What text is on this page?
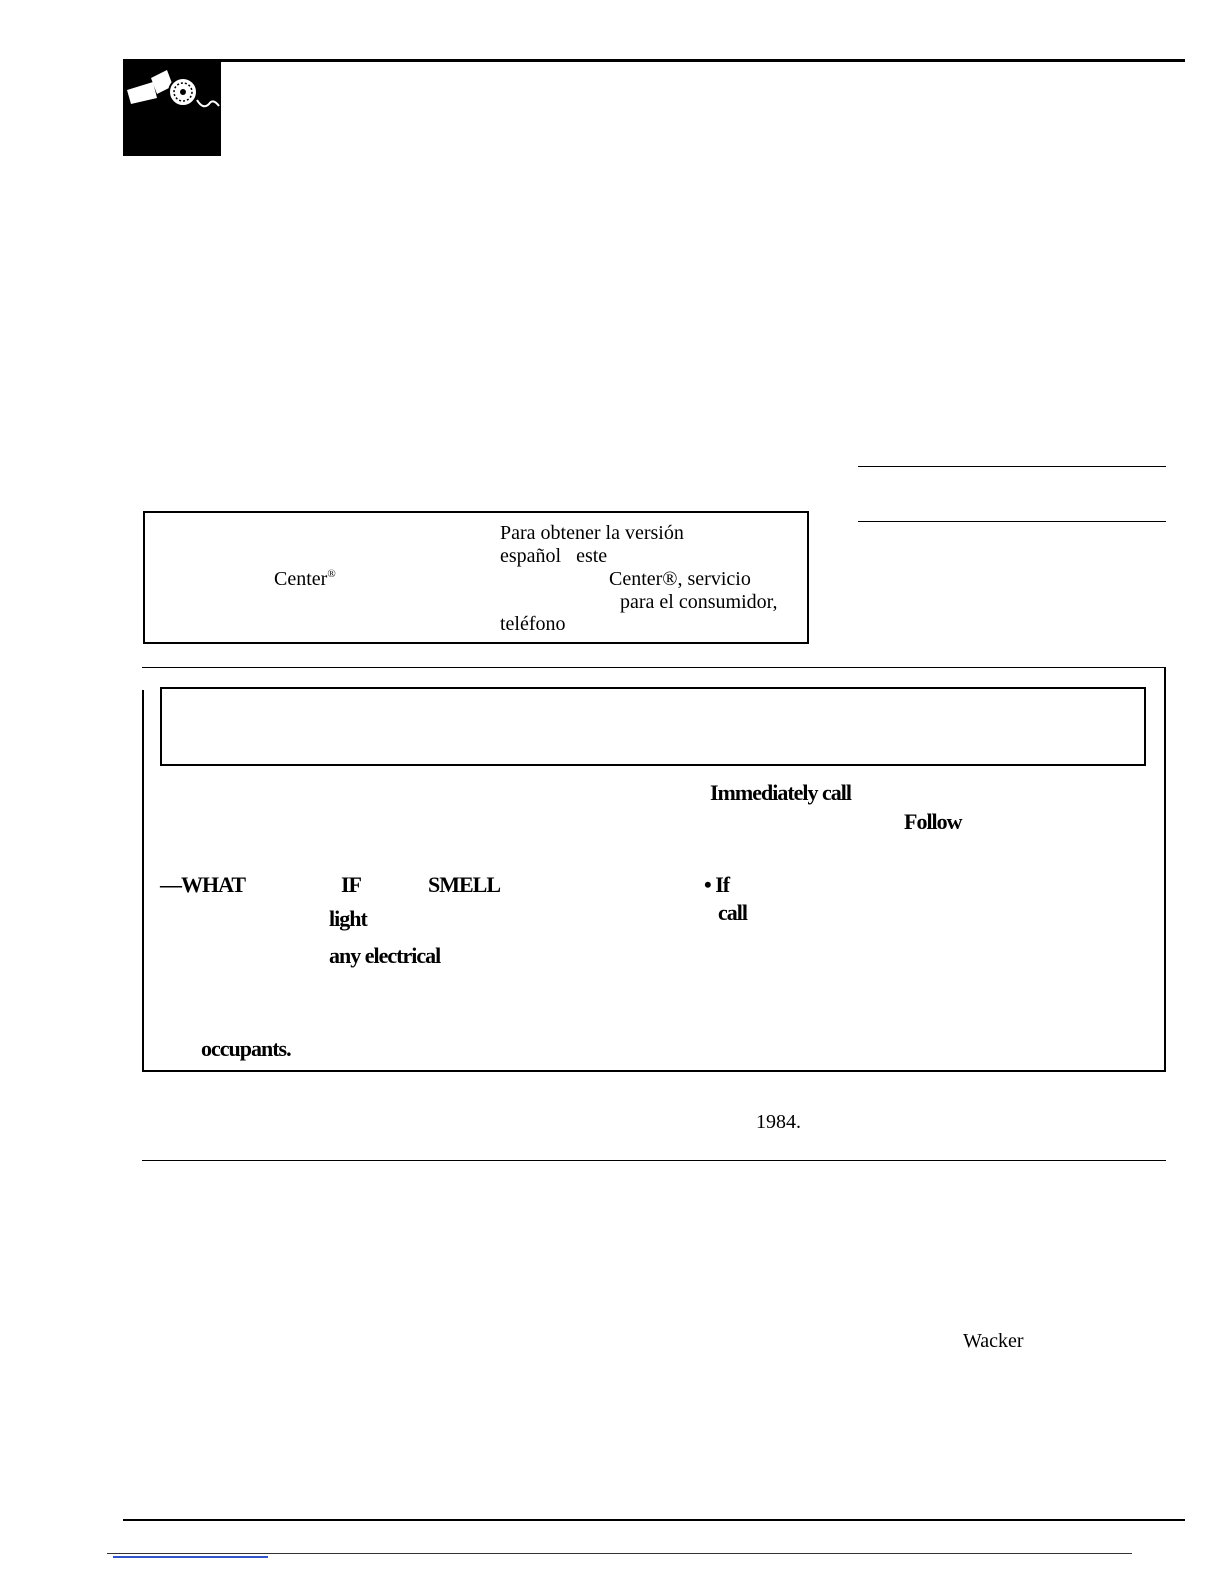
Center®
Para obtener la versión
español   este
Center®, servicio
para el consumidor,
teléfono
Immediately call
Follow
—WHAT	IF	SMELL	• If
light	call
any electrical
occupants.
1984.
Wacker
